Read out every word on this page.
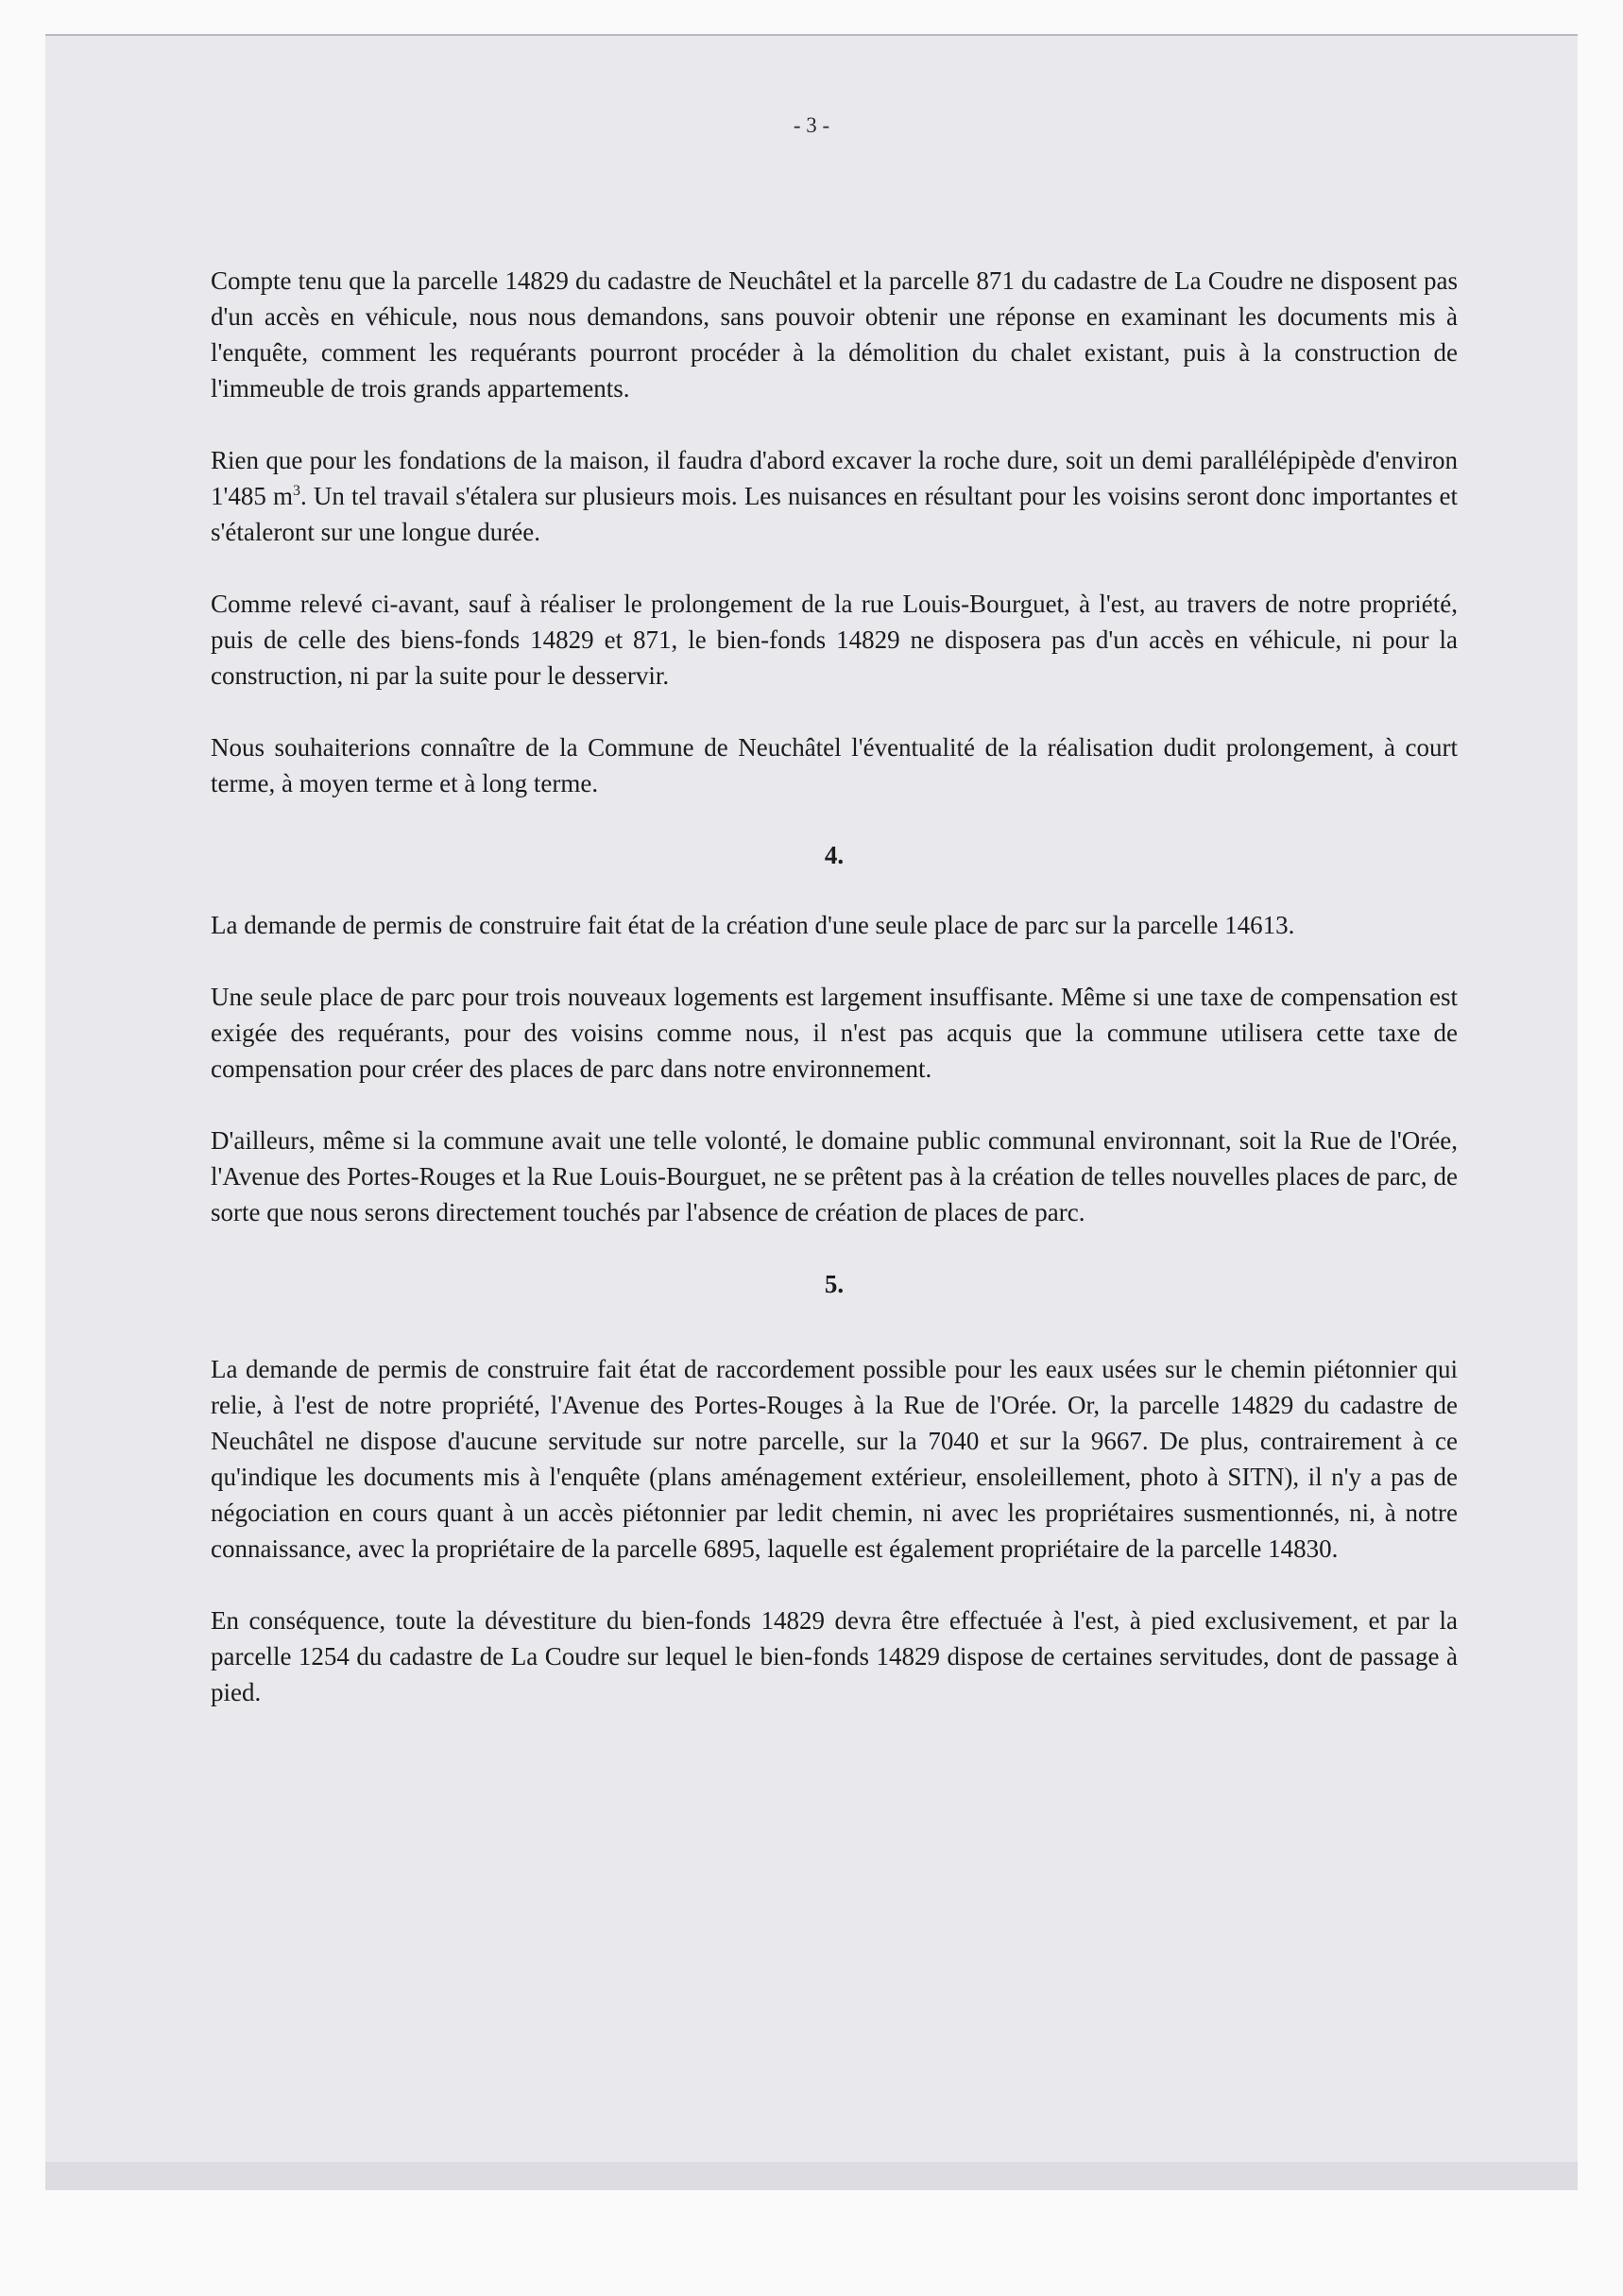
- 3 -

Compte tenu que la parcelle 14829 du cadastre de Neuchâtel et la parcelle 871 du cadastre de La Coudre ne disposent pas d'un accès en véhicule, nous nous demandons, sans pouvoir obtenir une réponse en examinant les documents mis à l'enquête, comment les requérants pourront procéder à la démolition du chalet existant, puis à la construction de l'immeuble de trois grands appartements.

Rien que pour les fondations de la maison, il faudra d'abord excaver la roche dure, soit un demi parallélépipède d'environ 1'485 $m^3$. Un tel travail s'étalera sur plusieurs mois. Les nuisances en résultant pour les voisins seront donc importantes et s'étaleront sur une longue durée.

Comme relevé ci-avant, sauf à réaliser le prolongement de la rue Louis-Bourguet, à l'est, au travers de notre propriété, puis de celle des biens-fonds 14829 et 871, le bien-fonds 14829 ne disposera pas d'un accès en véhicule, ni pour la construction, ni par la suite pour le desservir.

Nous souhaiterions connaître de la Commune de Neuchâtel l'éventualité de la réalisation dudit prolongement, à court terme, à moyen terme et à long terme.

4.

La demande de permis de construire fait état de la création d'une seule place de parc sur la parcelle 14613.

Une seule place de parc pour trois nouveaux logements est largement insuffisante. Même si une taxe de compensation est exigée des requérants, pour des voisins comme nous, il n'est pas acquis que la commune utilisera cette taxe de compensation pour créer des places de parc dans notre environnement.

D'ailleurs, même si la commune avait une telle volonté, le domaine public communal environnant, soit la Rue de l'Orée, l'Avenue des Portes-Rouges et la Rue Louis-Bourguet, ne se prêtent pas à la création de telles nouvelles places de parc, de sorte que nous serons directement touchés par l'absence de création de places de parc.

5.

La demande de permis de construire fait état de raccordement possible pour les eaux usées sur le chemin piétonnier qui relie, à l'est de notre propriété, l'Avenue des Portes-Rouges à la Rue de l'Orée. Or, la parcelle 14829 du cadastre de Neuchâtel ne dispose d'aucune servitude sur notre parcelle, sur la 7040 et sur la 9667. De plus, contrairement à ce qu'indique les documents mis à l'enquête (plans aménagement extérieur, ensoleillement, photo à SITN), il n'y a pas de négociation en cours quant à un accès piétonnier par ledit chemin, ni avec les propriétaires susmentionnés, ni, à notre connaissance, avec la propriétaire de la parcelle 6895, laquelle est également propriétaire de la parcelle 14830.

En conséquence, toute la dévestiture du bien-fonds 14829 devra être effectuée à l'est, à pied exclusivement, et par la parcelle 1254 du cadastre de La Coudre sur lequel le bien-fonds 14829 dispose de certaines servitudes, dont de passage à pied.
